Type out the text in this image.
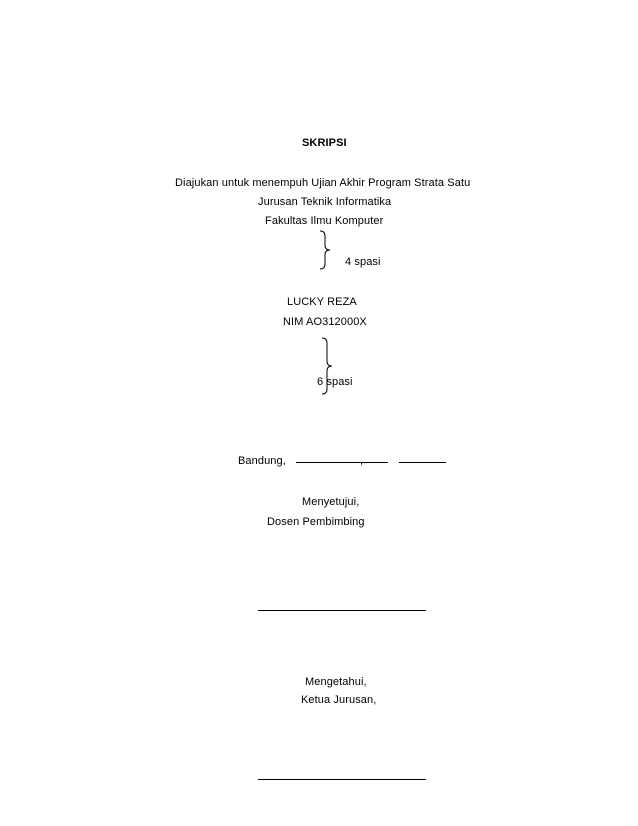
SKRIPSI
Diajukan untuk menempuh Ujian Akhir Program Strata Satu
Jurusan Teknik Informatika
Fakultas Ilmu Komputer
4 spasi
LUCKY REZA
NIM AO312000X
6 spasi
Bandung,	,
Menyetujui,
Dosen Pembimbing
Mengetahui,
Ketua Jurusan,
